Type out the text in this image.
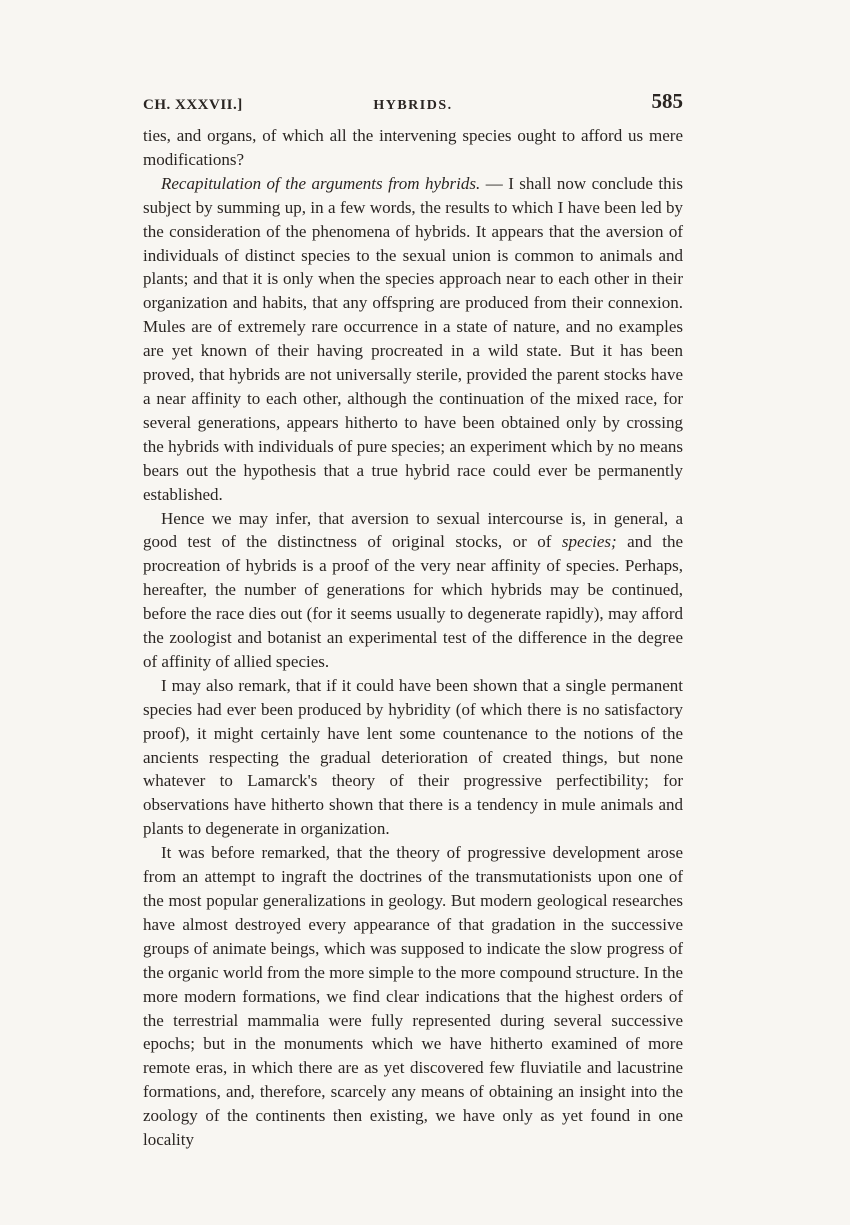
CH. XXXVII.]	HYBRIDS.	585

ties, and organs, of which all the intervening species ought to afford us mere modifications?

Recapitulation of the arguments from hybrids. — I shall now conclude this subject by summing up, in a few words, the results to which I have been led by the consideration of the phenomena of hybrids. It appears that the aversion of individuals of distinct species to the sexual union is common to animals and plants; and that it is only when the species approach near to each other in their organization and habits, that any offspring are produced from their connexion. Mules are of extremely rare occurrence in a state of nature, and no examples are yet known of their having procreated in a wild state. But it has been proved, that hybrids are not universally sterile, provided the parent stocks have a near affinity to each other, although the continuation of the mixed race, for several generations, appears hitherto to have been obtained only by crossing the hybrids with individuals of pure species; an experiment which by no means bears out the hypothesis that a true hybrid race could ever be permanently established.

Hence we may infer, that aversion to sexual intercourse is, in general, a good test of the distinctness of original stocks, or of species; and the procreation of hybrids is a proof of the very near affinity of species. Perhaps, hereafter, the number of generations for which hybrids may be continued, before the race dies out (for it seems usually to degenerate rapidly), may afford the zoologist and botanist an experimental test of the difference in the degree of affinity of allied species.

I may also remark, that if it could have been shown that a single permanent species had ever been produced by hybridity (of which there is no satisfactory proof), it might certainly have lent some countenance to the notions of the ancients respecting the gradual deterioration of created things, but none whatever to Lamarck's theory of their progressive perfectibility; for observations have hitherto shown that there is a tendency in mule animals and plants to degenerate in organization.

It was before remarked, that the theory of progressive development arose from an attempt to ingraft the doctrines of the transmutationists upon one of the most popular generalizations in geology. But modern geological researches have almost destroyed every appearance of that gradation in the successive groups of animate beings, which was supposed to indicate the slow progress of the organic world from the more simple to the more compound structure. In the more modern formations, we find clear indications that the highest orders of the terrestrial mammalia were fully represented during several successive epochs; but in the monuments which we have hitherto examined of more remote eras, in which there are as yet discovered few fluviatile and lacustrine formations, and, therefore, scarcely any means of obtaining an insight into the zoology of the continents then existing, we have only as yet found in one locality
